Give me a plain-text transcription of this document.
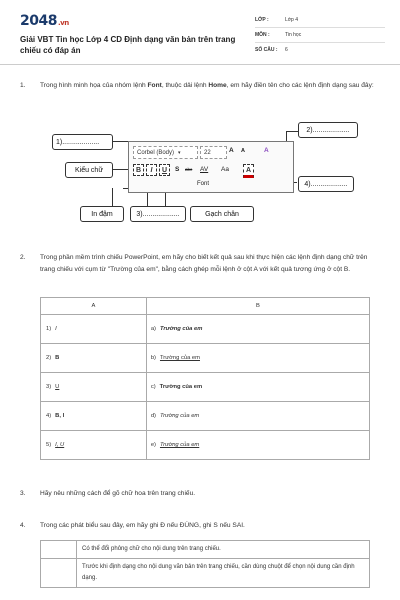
2048.vn
Giải VBT Tin học Lớp 4 CD Định dạng văn bản trên trang chiếu có đáp án
LỚP :	Lớp 4
MÔN :	Tin học
SỐ CÂU : 6
1. Trong hình minh họa của nhóm lệnh Font, thuộc dải lệnh Home, em hãy điền tên cho các lệnh định dạng sau đây:
1)...................
2)...................
Kiểu chữ
4)...................
In đậm	3)...................	Gạch chân
Corbel (Body) ▾	22	A A	A
B	I	U	S abc AV Aa	A
Font
2. Trong phần mềm trình chiếu PowerPoint, em hãy cho biết kết quả sau khi thực hiện các lệnh định dạng chữ trên trang chiếu với cụm từ "Trường của em", bằng cách ghép mỗi lệnh ở cột A với kết quả tương ứng ở cột B.
A	B
1) I	a) Trường của em
2) B	b) Trường của em
3) U	c) Trường của em
4) B, I	d) Trường của em
5) I, U	e) Trường của em
3. Hãy nêu những cách để gõ chữ hoa trên trang chiếu.
4. Trong các phát biểu sau đây, em hãy ghi Đ nếu ĐÚNG, ghi S nếu SAI.
	Có thể đổi phông chữ cho nội dung trên trang chiếu.
	Trước khi định dạng cho nội dung văn bản trên trang chiếu, cần dùng chuột để chọn nội dung cần định dạng.
